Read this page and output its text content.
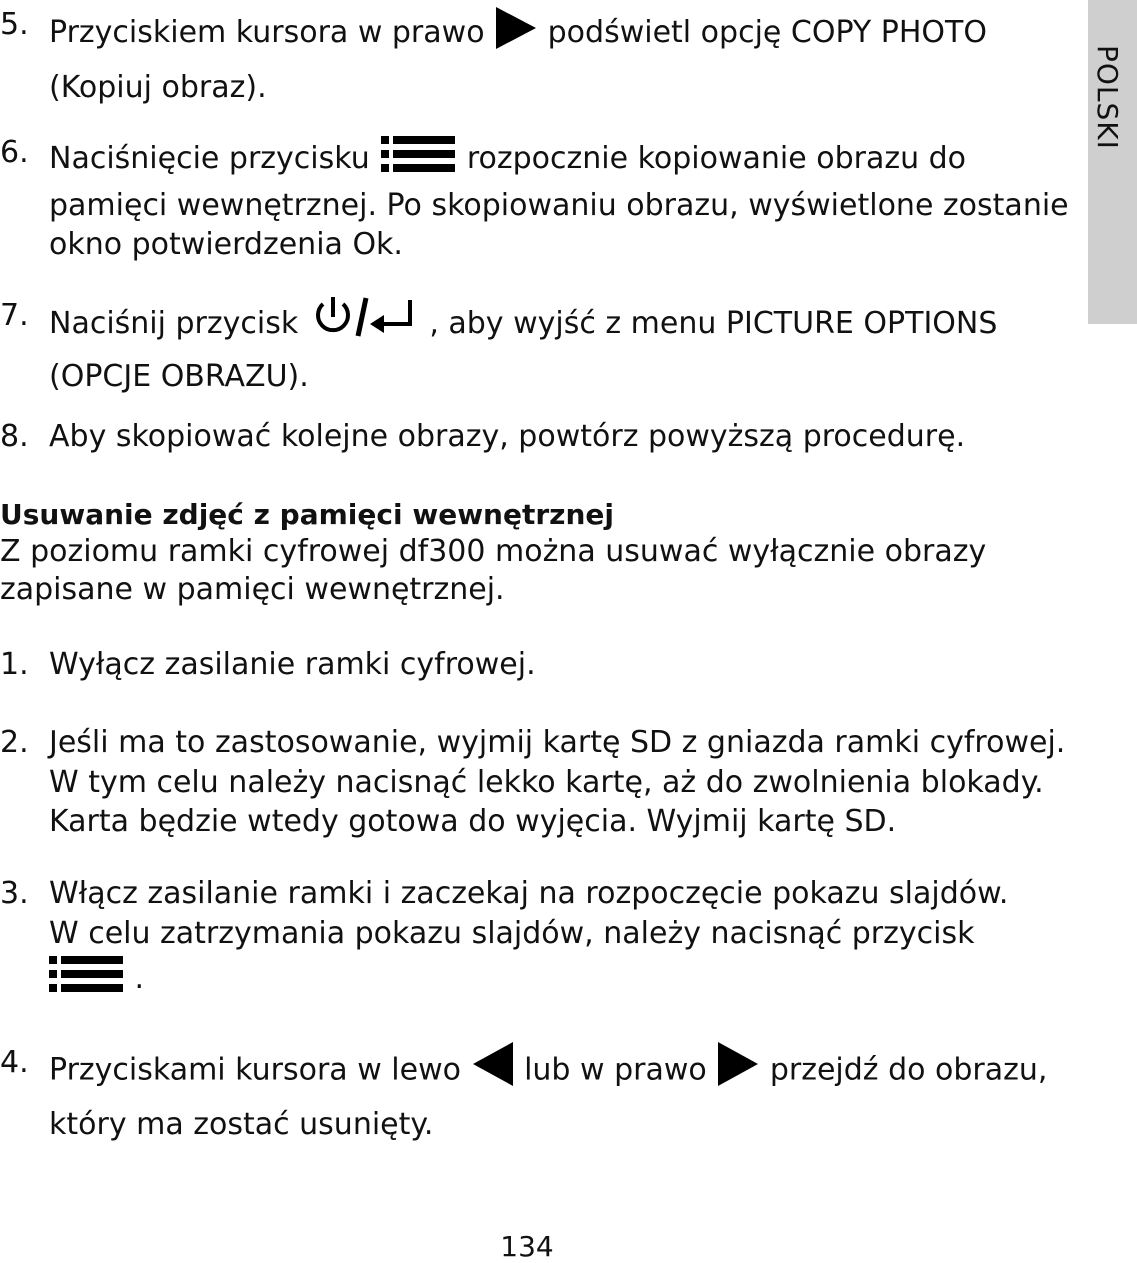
POLSKI
5. Przyciskiem kursora w prawo podświetl opcję COPY PHOTO
(Kopiuj obraz).
6. Naciśnięcie przycisku	rozpocznie kopiowanie obrazu do
pamięci wewnętrznej. Po skopiowaniu obrazu, wyświetlone zostanie
okno potwierdzenia Ok.
7. Naciśnij przycisk	, aby wyjść z menu PICTURE OPTIONS
(OPCJE OBRAZU).
8. Aby skopiować kolejne obrazy, powtórz powyższą procedurę.
Usuwanie zdjęć z pamięci wewnętrznej
Z poziomu ramki cyfrowej df300 można usuwać wyłącznie obrazy
zapisane w pamięci wewnętrznej.
1. Wyłącz zasilanie ramki cyfrowej.
2. Jeśli ma to zastosowanie, wyjmij kartę SD z gniazda ramki cyfrowej.
W tym celu należy nacisnąć lekko kartę, aż do zwolnienia blokady.
Karta będzie wtedy gotowa do wyjęcia. Wyjmij kartę SD.
3. Włącz zasilanie ramki i zaczekaj na rozpoczęcie pokazu slajdów.
W celu zatrzymania pokazu slajdów, należy nacisnąć przycisk
.
4. Przyciskami kursora w lewo lub w prawo przejdź do obrazu,
który ma zostać usunięty.
134
